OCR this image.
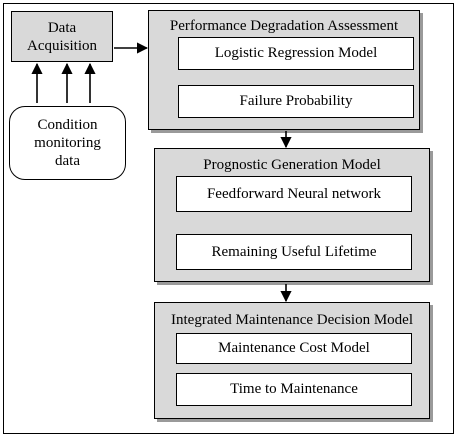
Data
Acquisition
Condition
monitoring
data
Performance Degradation Assessment
Logistic Regression Model
Failure Probability
Prognostic Generation Model
Feedforward Neural network
Remaining Useful Lifetime
Integrated Maintenance Decision Model
Maintenance Cost Model
Time to Maintenance
